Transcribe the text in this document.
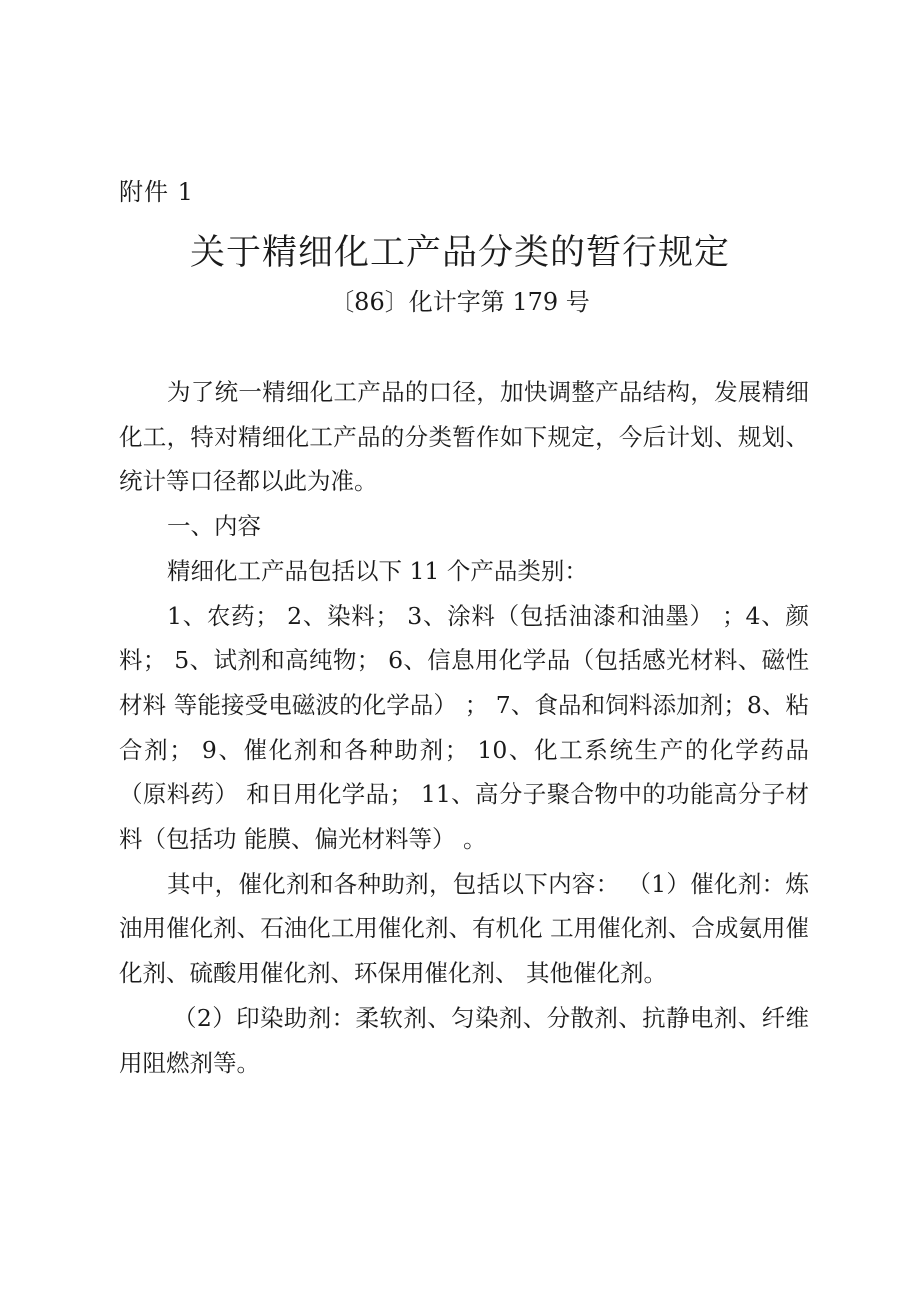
附件 1
关于精细化工产品分类的暂行规定
〔86〕化计字第 179 号

为了统一精细化工产品的口径，加快调整产品结构，发展精细化工，特对精细化工产品的分类暂作如下规定，今后计划、规划、统计等口径都以此为准。

一、内容

精细化工产品包括以下 11 个产品类别：

1、农药； 2、染料； 3、涂料（包括油漆和油墨） ；4、颜料； 5、试剂和高纯物； 6、信息用化学品（包括感光材料、磁性材料 等能接受电磁波的化学品） ； 7、食品和饲料添加剂；8、粘合剂； 9、催化剂和各种助剂； 10、化工系统生产的化学药品（原料药） 和日用化学品； 11、高分子聚合物中的功能高分子材料（包括功 能膜、偏光材料等） 。

其中，催化剂和各种助剂，包括以下内容： （1）催化剂：炼油用催化剂、石油化工用催化剂、有机化 工用催化剂、合成氨用催化剂、硫酸用催化剂、环保用催化剂、 其他催化剂。

（2）印染助剂：柔软剂、匀染剂、分散剂、抗静电剂、纤维用阻燃剂等。
